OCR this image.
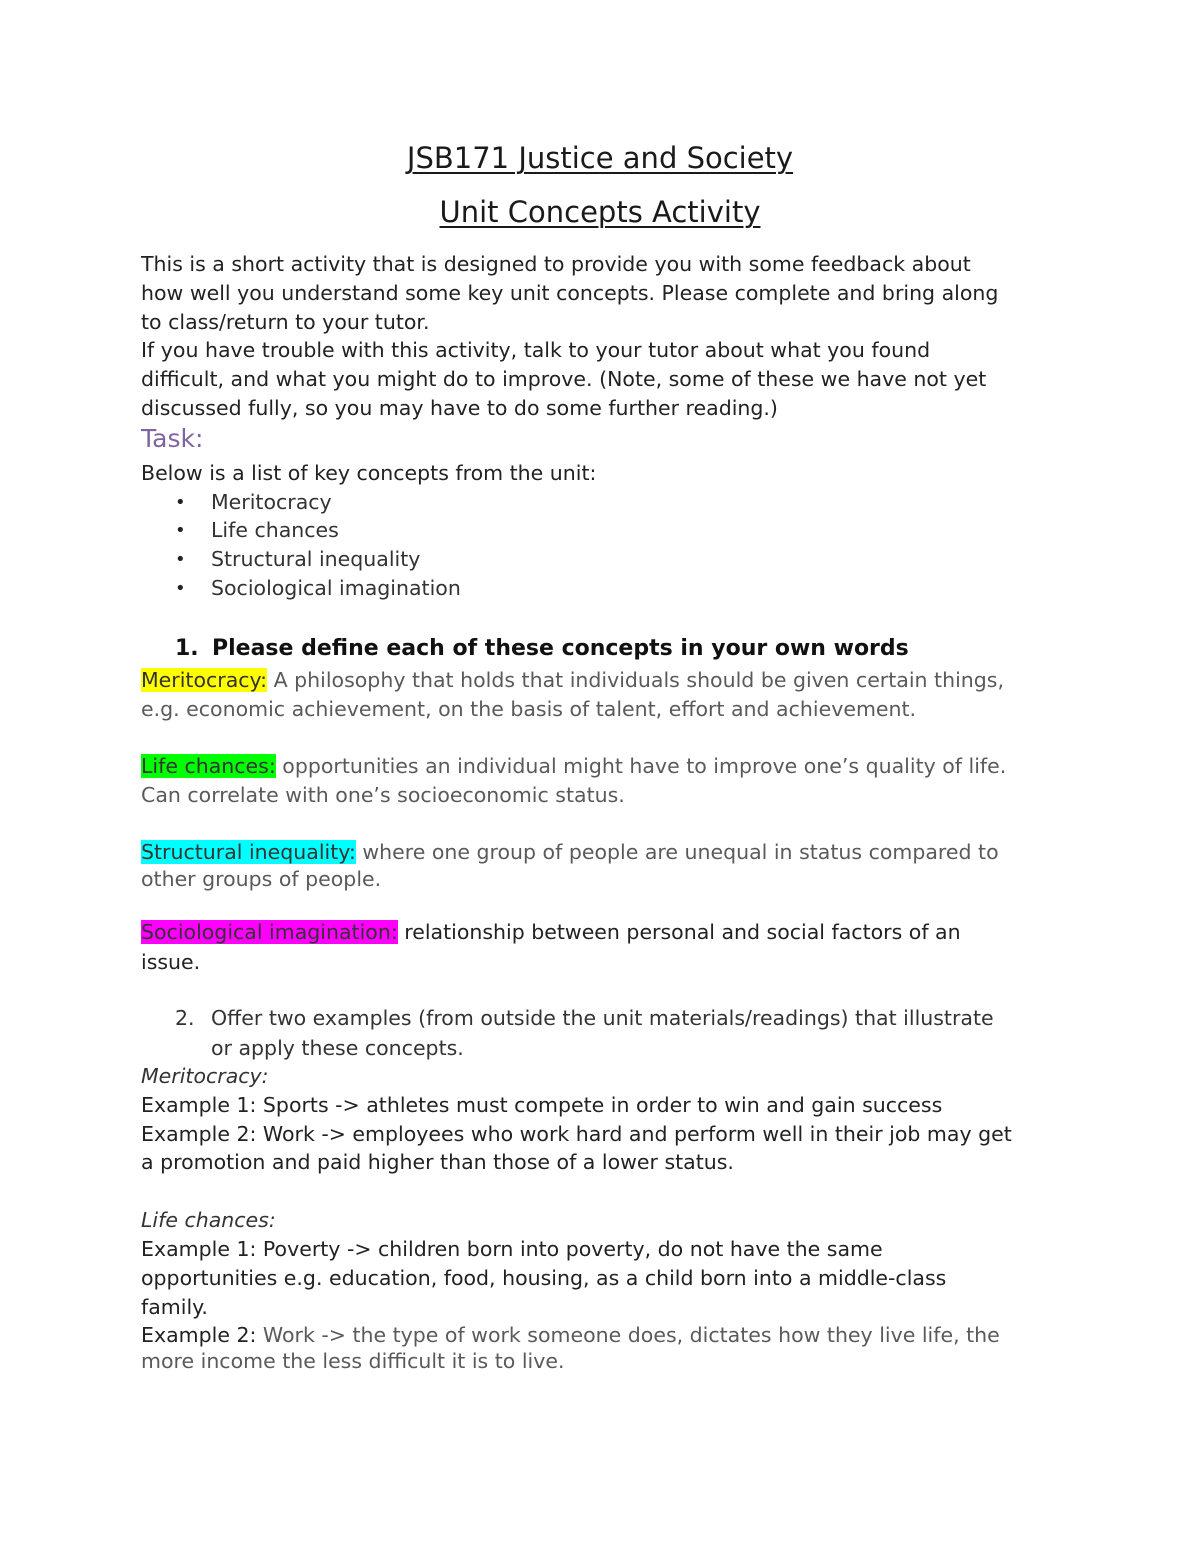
JSB171 Justice and Society
Unit Concepts Activity
This is a short activity that is designed to provide you with some feedback about
how well you understand some key unit concepts. Please complete and bring along
to class/return to your tutor.
If you have trouble with this activity, talk to your tutor about what you found
difficult, and what you might do to improve. (Note, some of these we have not yet
discussed fully, so you may have to do some further reading.)
Task:
Below is a list of key concepts from the unit:
• Meritocracy
• Life chances
• Structural inequality
• Sociological imagination
1. Please define each of these concepts in your own words
Meritocracy: A philosophy that holds that individuals should be given certain things,
e.g. economic achievement, on the basis of talent, effort and achievement.
Life chances: opportunities an individual might have to improve one’s quality of life.
Can correlate with one’s socioeconomic status.
Structural inequality: where one group of people are unequal in status compared to
other groups of people.
Sociological imagination: relationship between personal and social factors of an
issue.
2. Offer two examples (from outside the unit materials/readings) that illustrate
or apply these concepts.
Meritocracy:
Example 1: Sports -> athletes must compete in order to win and gain success
Example 2: Work -> employees who work hard and perform well in their job may get
a promotion and paid higher than those of a lower status.
Life chances:
Example 1: Poverty -> children born into poverty, do not have the same
opportunities e.g. education, food, housing, as a child born into a middle-class
family.
Example 2: Work -> the type of work someone does, dictates how they live life, the
more income the less difficult it is to live.
